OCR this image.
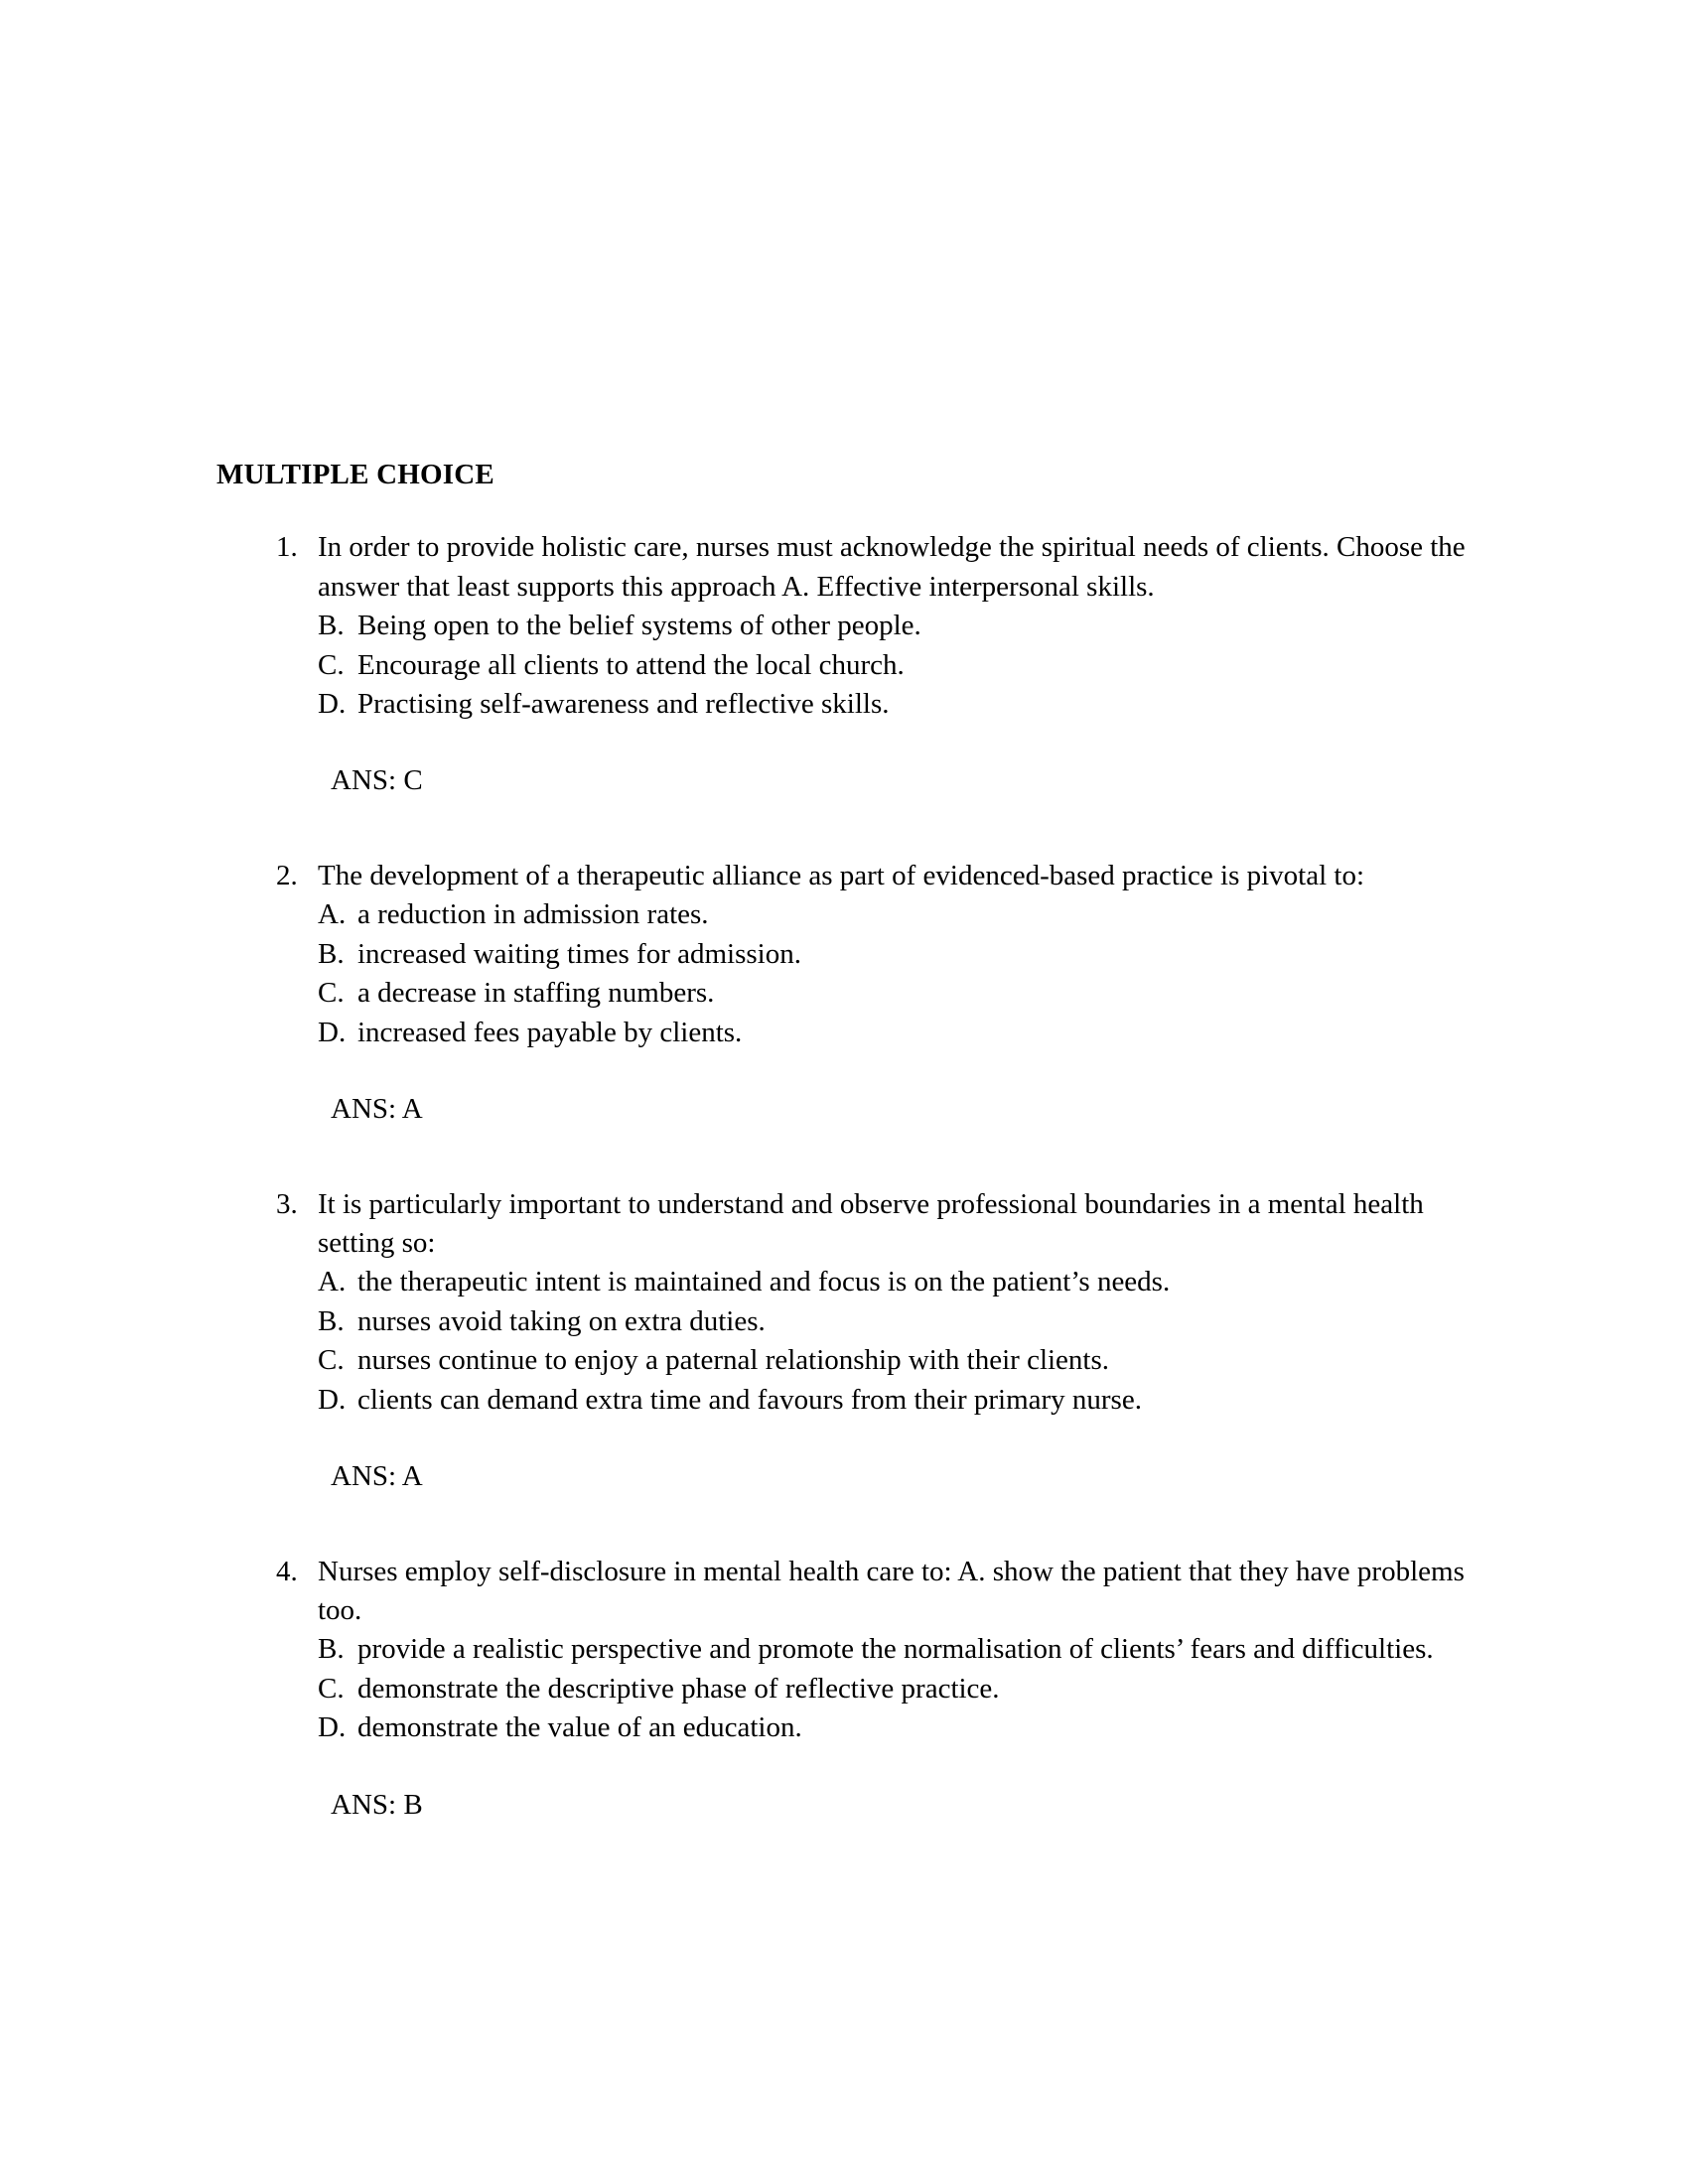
MULTIPLE CHOICE
1. In order to provide holistic care, nurses must acknowledge the spiritual needs of clients. Choose the answer that least supports this approach A. Effective interpersonal skills.

B. Being open to the belief systems of other people.

C. Encourage all clients to attend the local church.

D. Practising self-awareness and reflective skills.

ANS: C
2. The development of a therapeutic alliance as part of evidenced-based practice is pivotal to:

A. a reduction in admission rates.

B. increased waiting times for admission.

C. a decrease in staffing numbers.

D. increased fees payable by clients.

ANS: A
3. It is particularly important to understand and observe professional boundaries in a mental health setting so:

A. the therapeutic intent is maintained and focus is on the patient’s needs.

B. nurses avoid taking on extra duties.

C. nurses continue to enjoy a paternal relationship with their clients.

D. clients can demand extra time and favours from their primary nurse.

ANS: A
4. Nurses employ self-disclosure in mental health care to: A. show the patient that they have problems too.

B. provide a realistic perspective and promote the normalisation of clients’ fears and difficulties.

C. demonstrate the descriptive phase of reflective practice.

D. demonstrate the value of an education.

ANS: B
